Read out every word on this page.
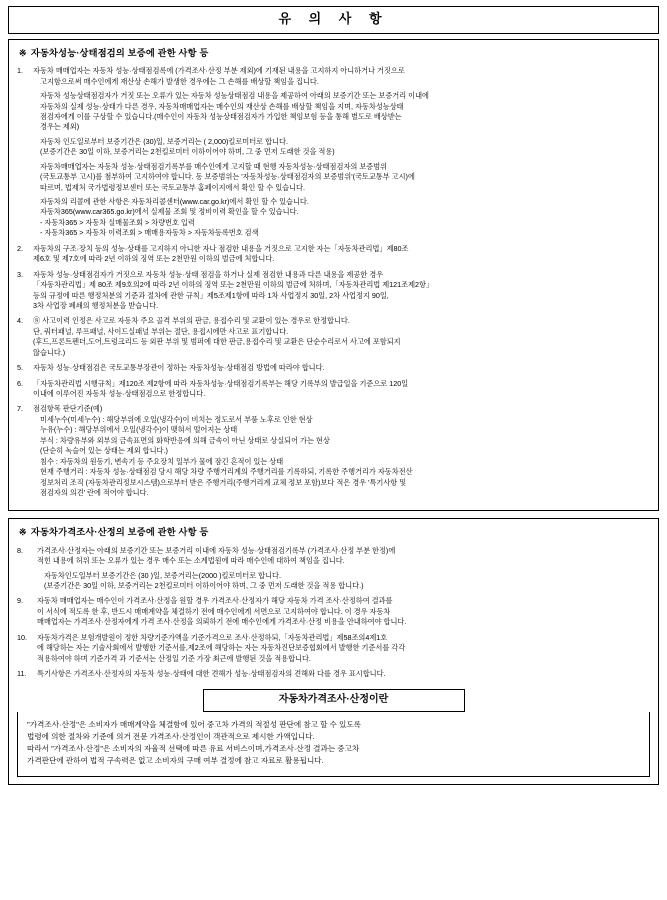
유 의 사 항
※ 자동차성능·상태점검의 보증에 관한 사항 등
1.	자동차 매매업자는 자동차 성능·상태점검록에 (가격조사·산정 부분 제외)에 기재된 내용을 고지하지 아니하거나 거짓으로

고지함으로써 매수인에게 재산상 손해가 발생한 경우에는 그 손해를 배상할 책임을 집니다.

자동차 성능상태점검자가 거짓 또는 오류가 있는 자동차 성능상태점검 내용을 제공하여 아래의 보증기간 또는 보증거리 이내에

자동차의 실제 성능·상태가 다른 경우, 자동차매매업자는 매수인의 재산상 손해를 배상할 책임을 지며, 자동차성능상태

점검자에게 이를 구상할 수 있습니다.(매수인이 자동차 성능상태점검자가 가입한 책임보험 등을 통해 별도로 배상받는

경우는 제외)

자동차 인도일로부터 보증기간은 (30)일, 보증거리는 ( 2,000)킬로미터로 합니다.

(보증기간은 30일 이하, 보증거리는 2천킬로미터 이하이어야 하며, 그 중 먼저 도래한 것을 적용)

자동차매매업자는 자동차 성능·상태점검기록부를 매수인에게 고지할 때 현행 자동차성능·상태점검자의 보증범위

(국토교통부 고시)를 첨부하여 고지하여야 합니다. 동 보증범위는 '자동차성능·상태점검자의 보증범위'(국토교통부 고시)에

따르며, 법제처 국가법령정보센터 또는 국토교통부 홈페이지에서 확인 할 수 있습니다.

자동차의 리콜에 관한 사항은 자동차리콜센터(www.car.go.kr)에서 확인 할 수 있습니다.

자동차365(www.car365.go.kr)에서 실제물 조회 및 정비이력 확인을 할 수 있습니다.

- 자동차365 > 자동차 실매물조회 > 차량번호 입력

- 자동차365 > 자동차 이력조회 > 매매용자동차 > 자동차등록번호 검색

2.	자동차의 구조·장치 등의 성능·상태를 고지하지 아니한 자나 점검한 내용을 거짓으로 고지한 자는「자동차관리법」제80조

제6호 및 제7호에 따라 2년 이하의 징역 또는 2천만원 이하의 벌금에 처합니다.

3.	자동차 성능·상태점검자가 거짓으로 자동차 성능·상태 점검을 하거나 실제 점검한 내용과 다른 내용을 제공한 경우

「자동차관리법」제 80조 제9호의2에 따라 2년 이하의 징역 또는 2천만원 이하의 벌금에 처하며,「자동차관리법 제121조제2항」

등의 규정에 따른 행정처분의 기준과 절차에 관한 규칙」제5조제1항에 따라 1차 사업정지 30일, 2차 사업정지 90일,

3차 사업장 폐쇄의 행정처분을 받습니다.

4.	⑧ 사고이력 인정은 사고로 자동차 주요 골격 부위의 판금, 용접수리 및 교환이 있는 경우로 한정합니다.

단, 쿼터패널, 루프패널, 사이드실패널 부위는 절단, 용접시에만 사고로 표기합니다.

(후드,프론트펜더,도어,트렁크리드 등 외판 부위 및 범퍼에 대한 판금,용접수리 및 교환은 단순수리로서 사고에 포함되지

않습니다.)

5.	자동차 성능·상태점검은 국토교통부장관이 정하는 자동차성능·상태점검 방법에 따라야 합니다.

6.	「자동차관리법 시행규칙」제120조 제2항에 따라 자동차성능·상태점검기록부는 해당 기록부의 발급일을 기준으로 120일

이내에 이루어진 자동차 성능·상태점검으로 한정합니다.

7.	점검항목 판단기준(예)

미세누수(미세누수) : 해당부위에 오일(냉각수)이 비치는 정도로서 부품 노후로 인한 현상

누유(누수) : 해당부위에서 오일(냉각수)이 맺혀서 떨어지는 상태

부식 : 차량유부와 외부의 금속표면의 화학반응에 의해 금속이 아닌 상태로 상실되어 가는 현상

(단순히 녹슬어 있는 상태는 제외 합니다.)

침수 : 자동차의 원동기, 변속기 등 주요장치 일부가 물에 잠긴 흔적이 있는 상태

현재 주행거리 : 자동차 성능·상태점검 당시 해당 차량 주행거리계의 주행거리를 기록하되, 기록한 주행거리가 자동차전산

정보처리 조직 (자동차관리정보시스템)으로부터 받은 주행거리(주행거리계 교체 정보 포함)보다 적은 경우 '특기사항 및

점검자의 의견' 란에 적어야 합니다.

※ 자동차가격조사·산정의 보증에 관한 사항 등
8.	가격조사·산정자는 아래의 보증기간 또는 보증거리 이내에 자동차 성능·상태점검기록부 (가격조사·산정 부분 한정)에

적힌 내용에 허위 또는 오류가 있는 경우 매수 또는 소계법원에 따라 매수인에 대하여 책임을 집니다.

자동차인도일부터 보증기간은 (30 )일, 보증거리는(2000 )킬로미터로 합니다.

(보증기간은 30일 이하, 보증거리는 2천킬로미터 이하이어야 하며, 그 중 먼저 도래한 것을 적용 합니다.)

9.	자동차 매매업자는 매수인이 가격조사·산정을 원할 경우 가격조사·산정자가 해당 자동차 가격 조사·산정하여 결과를

이 서식에 적도록 한 후, 반드시 매매계약을 체결하기 전에 매수인에게 서면으로 고지하여야 합니다. 이 경우 자동차

매매업자는 가격조사·산정자에게 가격 조사·산정을 의뢰하기 전에 매수인에게 가격조사·산정 비용을 안내하여야 합니다.

10.	자동차가격은 보험개발원이 정한 차량기준가액을 기준가격으로 조사·산정하되,「자동차관리법」제58조의4제1호

에 해당하는 자는 기술사회에서 발행한 기준서를,제2조에 해당하는 자는 자동차진단보증협회에서 발행한 기준서를 각각

적용하여야 하며 기준가격 과 기준서는 산정일 기준 가장 최근에 발행된 것을 적용합니다.

11.	특기사항은 가격조사·산정자의 자동차 성능·상태에 대한 견해가 성능·상태점검자의 견해와 다를 경우 표시합니다.

자동차가격조사·산정이란

"가격조사·산정"은 소비자가 매매계약을 체결함에 있어 중고차 가격의 적절성 판단에 참고 할 수 있도록

법령에 의한 절차와 기준에 의거 전문 가격조사·산정인이 객관적으로 제시한 가액입니다.

따라서 "가격조사·산정"은 소비자의 자율적 선택에 따른 유료 서비스이며,가격조사·산정 결과는 중고차

가격판단에 관하여 법적 구속력은 없고 소비자의 구매 여부 결정에 참고 자료로 활용됩니다.
